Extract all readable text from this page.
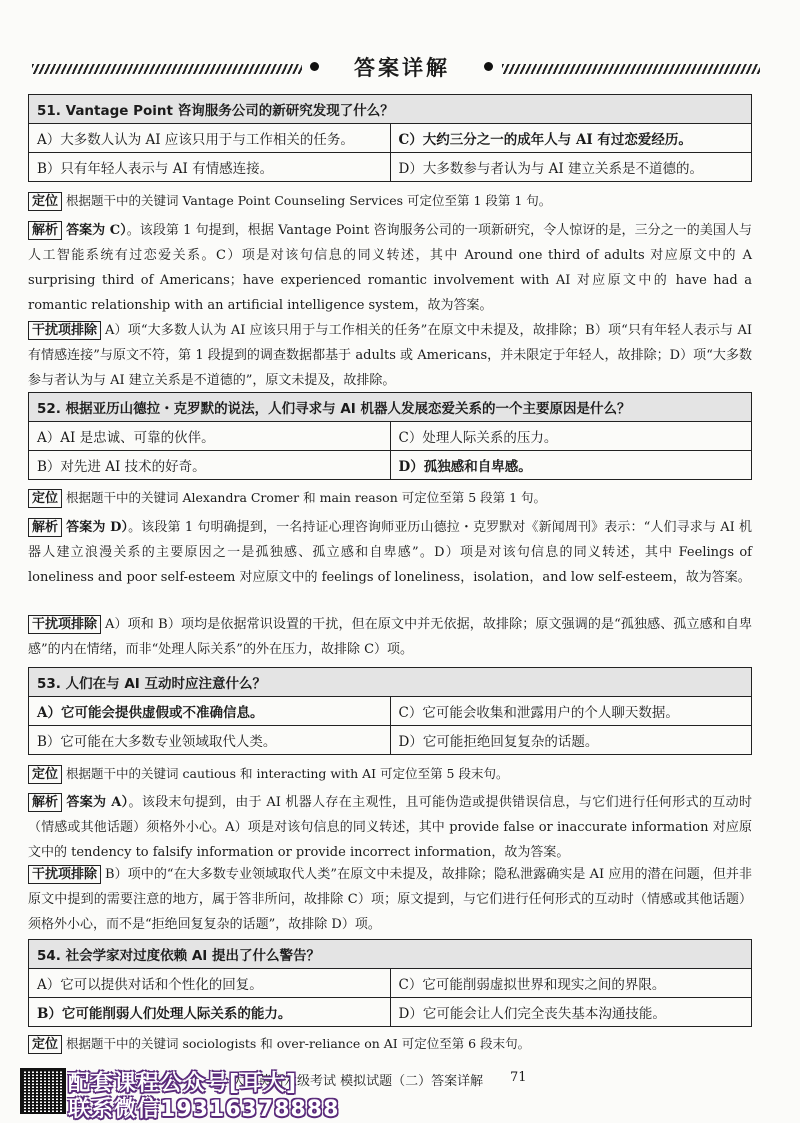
答案详解
51. Vantage Point 咨询服务公司的新研究发现了什么？	
A）大多数人认为 AI 应该只用于与工作相关的任务。	C）大约三分之一的成年人与 AI 有过恋爱经历。
B）只有年轻人表示与 AI 有情感连接。	D）大多数参与者认为与 AI 建立关系是不道德的。
定位 根据题干中的关键词 Vantage Point Counseling Services 可定位至第 1 段第 1 句。
解析 答案为 C）。该段第 1 句提到，根据 Vantage Point 咨询服务公司的一项新研究，令人惊讶的是，三分之一的美国人与人工智能系统有过恋爱关系。C）项是对该句信息的同义转述，其中 Around one third of adults 对应原文中的 A surprising third of Americans；have experienced romantic involvement with AI 对应原文中的 have had a romantic relationship with an artificial intelligence system，故为答案。
干扰项排除 A）项“大多数人认为 AI 应该只用于与工作相关的任务”在原文中未提及，故排除；B）项“只有年轻人表示与 AI 有情感连接”与原文不符，第 1 段提到的调查数据都基于 adults 或 Americans，并未限定于年轻人，故排除；D）项“大多数参与者认为与 AI 建立关系是不道德的”，原文未提及，故排除。
52. 根据亚历山德拉・克罗默的说法，人们寻求与 AI 机器人发展恋爱关系的一个主要原因是什么？	
A）AI 是忠诚、可靠的伙伴。	C）处理人际关系的压力。
B）对先进 AI 技术的好奇。	D）孤独感和自卑感。
定位 根据题干中的关键词 Alexandra Cromer 和 main reason 可定位至第 5 段第 1 句。
解析 答案为 D）。该段第 1 句明确提到，一名持证心理咨询师亚历山德拉・克罗默对《新闻周刊》表示：“人们寻求与 AI 机器人建立浪漫关系的主要原因之一是孤独感、孤立感和自卑感”。D）项是对该句信息的同义转述，其中 Feelings of loneliness and poor self-esteem 对应原文中的 feelings of loneliness，isolation，and low self-esteem，故为答案。
干扰项排除 A）项和 B）项均是依据常识设置的干扰，但在原文中并无依据，故排除；原文强调的是“孤独感、孤立感和自卑感”的内在情绪，而非“处理人际关系”的外在压力，故排除 C）项。
53. 人们在与 AI 互动时应注意什么？	
A）它可能会提供虚假或不准确信息。	C）它可能会收集和泄露用户的个人聊天数据。
B）它可能在大多数专业领域取代人类。	D）它可能拒绝回复复杂的话题。
定位 根据题干中的关键词 cautious 和 interacting with AI 可定位至第 5 段末句。
解析 答案为 A）。该段末句提到，由于 AI 机器人存在主观性，且可能伪造或提供错误信息，与它们进行任何形式的互动时（情感或其他话题）须格外小心。A）项是对该句信息的同义转述，其中 provide false or inaccurate information 对应原文中的 tendency to falsify information or provide incorrect information，故为答案。
干扰项排除 B）项中的“在大多数专业领域取代人类”在原文中未提及，故排除；隐私泄露确实是 AI 应用的潜在问题，但并非原文中提到的需要注意的地方，属于答非所问，故排除 C）项；原文提到，与它们进行任何形式的互动时（情感或其他话题）须格外小心，而不是“拒绝回复复杂的话题”，故排除 D）项。
54. 社会学家对过度依赖 AI 提出了什么警告？	
A）它可以提供对话和个性化的回复。	C）它可能削弱虚拟世界和现实之间的界限。
B）它可能削弱人们处理人际关系的能力。	D）它可能会让人们完全丧失基本沟通技能。
定位 根据题干中的关键词 sociologists 和 over-reliance on AI 可定位至第 6 段末句。
大学英语六级考试 模拟试题（二）答案详解 71
配套课程公众号[耳大]
联系微信19316378888
